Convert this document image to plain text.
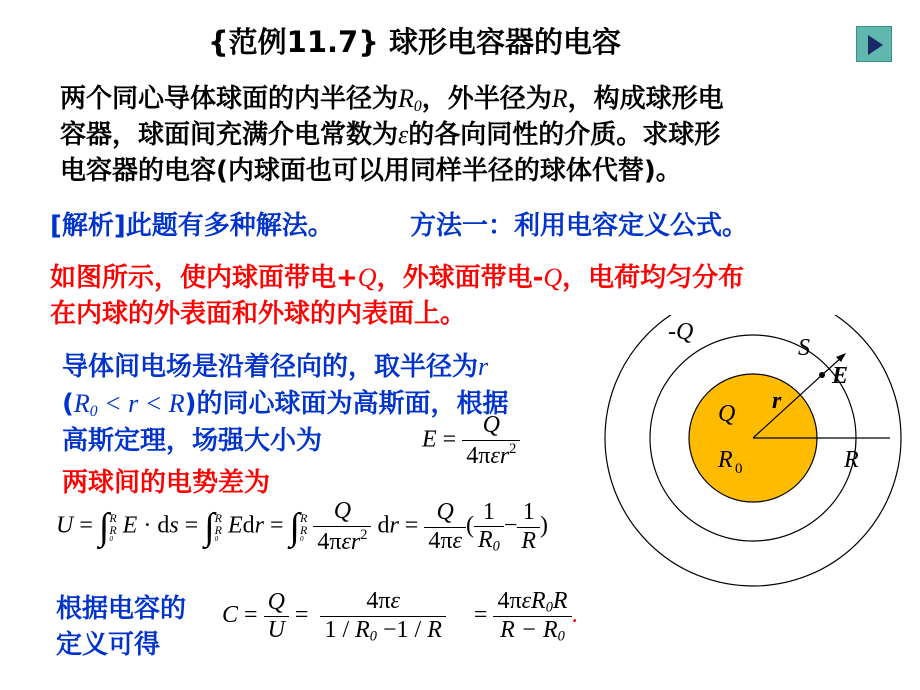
{范例11.7} 球形电容器的电容
两个同心导体球面的内半径为$R_0$，外半径为R，构成球形电
容器，球面间充满介电常数为ε的各向同性的介质。求球形
电容器的电容(内球面也可以用同样半径的球体代替)。
[解析]此题有多种解法。	方法一：利用电容定义公式。
如图所示，使内球面带电+Q，外球面带电-Q，电荷均匀分布
在内球的外表面和外球的内表面上。
导体间电场是沿着径向的，取半径为r
$(R_0 < r < R)$的同心球面为高斯面，根据
高斯定理，场强大小为
两球间的电势差为
$E = \frac{Q}{4\pi\varepsilon r^2}$
U = ∫ R
R
0 E · ds = ∫ R
R
0 Edr = ∫ R
R
0
$\frac{Q}{4\pi\varepsilon r^2}$ dr = $\frac{Q}{4\pi\varepsilon}$ ( $\frac{1}{R_0} - \frac{1}{R}$ )
根据电容的
定义可得
$C = \frac{Q}{U} = \frac{4\pi\varepsilon}{1 / R_0 -1 / R} = \frac{4\pi\varepsilon R_0R}{R - R_0}$ .
-Q
S
E
Q r
R 0	R
